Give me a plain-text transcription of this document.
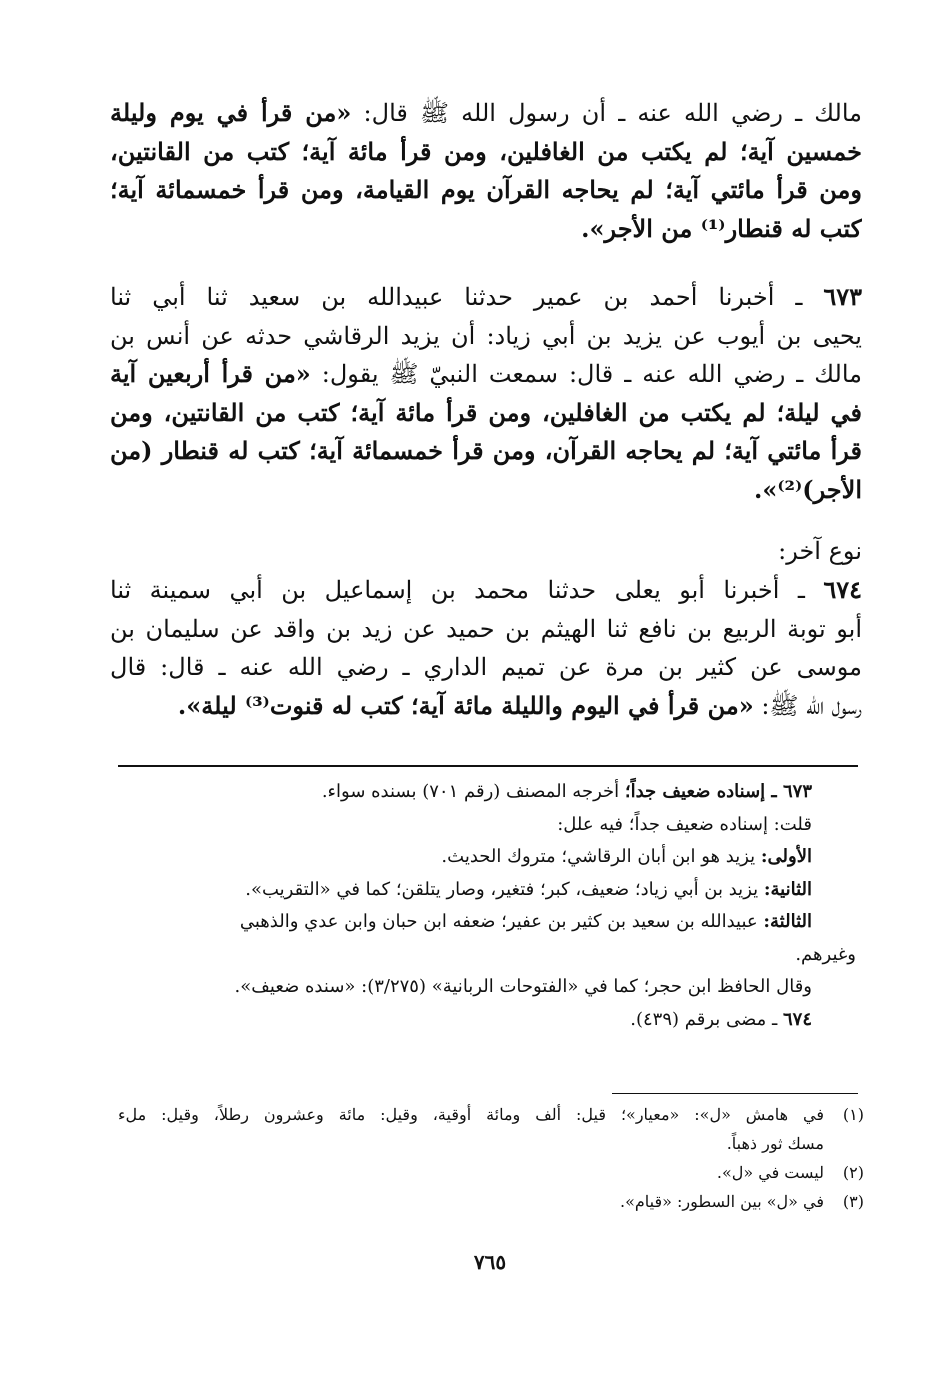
مالك ـ رضي الله عنه ـ أن رسول الله ﷺ قال: «من قرأ في يوم وليلة
خمسين آية؛ لم يكتب من الغافلين، ومن قرأ مائة آية؛ كتب من القانتين،
ومن قرأ مائتي آية؛ لم يحاجه القرآن يوم القيامة، ومن قرأ خمسمائة آية؛
كتب له قنطار⁽¹⁾ من الأجر».
٦٧٣ ـ أخبرنا أحمد بن عمير حدثنا عبيدالله بن سعيد ثنا أبي ثنا
يحيى بن أيوب عن يزيد بن أبي زياد: أن يزيد الرقاشي حدثه عن أنس بن
مالك ـ رضي الله عنه ـ قال: سمعت النبيّ ﷺ يقول: «من قرأ أربعين آية
في ليلة؛ لم يكتب من الغافلين، ومن قرأ مائة آية؛ كتب من القانتين، ومن
قرأ مائتي آية؛ لم يحاجه القرآن، ومن قرأ خمسمائة آية؛ كتب له قنطار (من
الأجر)⁽²⁾».
نوع آخر:
٦٧٤ ـ أخبرنا أبو يعلى حدثنا محمد بن إسماعيل بن أبي سمينة ثنا
أبو توبة الربيع بن نافع ثنا الهيثم بن حميد عن زيد بن واقد عن سليمان بن
موسى عن كثير بن مرة عن تميم الداري ـ رضي الله عنه ـ قال: قال
رسول الله ﷺ: «من قرأ في اليوم والليلة مائة آية؛ كتب له قنوت⁽³⁾ ليلة».
٦٧٣ ـ إسناده ضعيف جداً؛ أخرجه المصنف (رقم ٧٠١) بسنده سواء.
قلت: إسناده ضعيف جداً؛ فيه علل:
الأولى: يزيد هو ابن أبان الرقاشي؛ متروك الحديث.
الثانية: يزيد بن أبي زياد؛ ضعيف، كبر؛ فتغير، وصار يتلقن؛ كما في «التقريب».
الثالثة: عبيدالله بن سعيد بن كثير بن عفير؛ ضعفه ابن حبان وابن عدي والذهبي
وغيرهم.
وقال الحافظ ابن حجر؛ كما في «الفتوحات الربانية» (٣/٢٧٥): «سنده ضعيف».
٦٧٤ ـ مضى برقم (٤٣٩).
(١)
في هامش «ل»: «معيار»؛ قيل: ألف ومائة أوقية، وقيل: مائة وعشرون رطلاً، وقيل: ملء
مسك ثور ذهباً.
(٢)
ليست في «ل».
(٣)
في «ل» بين السطور: «قيام».
٧٦٥
